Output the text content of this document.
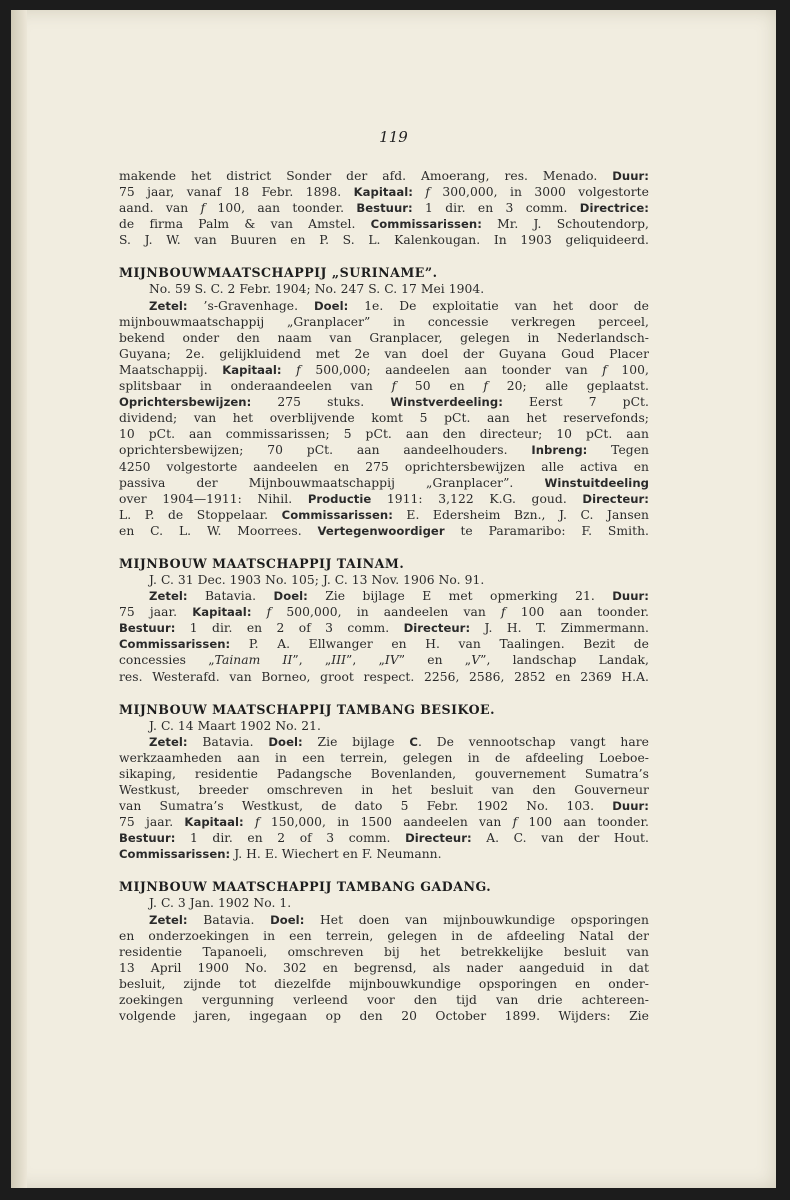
119
makende het district Sonder der afd. Amoerang, res. Menado. Duur:
75 jaar, vanaf 18 Febr. 1898. Kapitaal: f 300,000, in 3000 volgestorte
aand. van f 100, aan toonder. Bestuur: 1 dir. en 3 comm. Directrice:
de firma Palm & van Amstel. Commissarissen: Mr. J. Schoutendorp,
S. J. W. van Buuren en P. S. L. Kalenkougan. In 1903 geliquideerd.
MIJNBOUWMAATSCHAPPIJ „SURINAME”.
No. 59 S. C. 2 Febr. 1904; No. 247 S. C. 17 Mei 1904.
Zetel: ’s-Gravenhage. Doel: 1e. De exploitatie van het door de
mijnbouwmaatschappij „Granplacer” in concessie verkregen perceel,
bekend onder den naam van Granplacer, gelegen in Nederlandsch-
Guyana; 2e. gelijkluidend met 2e van doel der Guyana Goud Placer
Maatschappij. Kapitaal: f 500,000; aandeelen aan toonder van f 100,
splitsbaar in onderaandeelen van f 50 en f 20; alle geplaatst.
Oprichtersbewijzen: 275 stuks. Winstverdeeling: Eerst 7 pCt.
dividend; van het overblijvende komt 5 pCt. aan het reservefonds;
10 pCt. aan commissarissen; 5 pCt. aan den directeur; 10 pCt. aan
oprichtersbewijzen; 70 pCt. aan aandeelhouders. Inbreng: Tegen
4250 volgestorte aandeelen en 275 oprichtersbewijzen alle activa en
passiva der Mijnbouwmaatschappij „Granplacer”. Winstuitdeeling
over 1904—1911: Nihil. Productie 1911: 3,122 K.G. goud. Directeur:
L. P. de Stoppelaar. Commissarissen: E. Edersheim Bzn., J. C. Jansen
en C. L. W. Moorrees. Vertegenwoordiger te Paramaribo: F. Smith.
MIJNBOUW MAATSCHAPPIJ TAINAM.
J. C. 31 Dec. 1903 No. 105; J. C. 13 Nov. 1906 No. 91.
Zetel: Batavia. Doel: Zie bijlage E met opmerking 21. Duur:
75 jaar. Kapitaal: f 500,000, in aandeelen van f 100 aan toonder.
Bestuur: 1 dir. en 2 of 3 comm. Directeur: J. H. T. Zimmermann.
Commissarissen: P. A. Ellwanger en H. van Taalingen. Bezit de
concessies „Tainam II”, „III”, „IV” en „V”, landschap Landak,
res. Westerafd. van Borneo, groot respect. 2256, 2586, 2852 en 2369 H.A.
MIJNBOUW MAATSCHAPPIJ TAMBANG BESIKOE.
J. C. 14 Maart 1902 No. 21.
Zetel: Batavia. Doel: Zie bijlage C. De vennootschap vangt hare
werkzaamheden aan in een terrein, gelegen in de afdeeling Loeboe-
sikaping, residentie Padangsche Bovenlanden, gouvernement Sumatra’s
Westkust, breeder omschreven in het besluit van den Gouverneur
van Sumatra’s Westkust, de dato 5 Febr. 1902 No. 103. Duur:
75 jaar. Kapitaal: f 150,000, in 1500 aandeelen van f 100 aan toonder.
Bestuur: 1 dir. en 2 of 3 comm. Directeur: A. C. van der Hout.
Commissarissen: J. H. E. Wiechert en F. Neumann.
MIJNBOUW MAATSCHAPPIJ TAMBANG GADANG.
J. C. 3 Jan. 1902 No. 1.
Zetel: Batavia. Doel: Het doen van mijnbouwkundige opsporingen
en onderzoekingen in een terrein, gelegen in de afdeeling Natal der
residentie Tapanoeli, omschreven bij het betrekkelijke besluit van
13 April 1900 No. 302 en begrensd, als nader aangeduid in dat
besluit, zijnde tot diezelfde mijnbouwkundige opsporingen en onder-
zoekingen vergunning verleend voor den tijd van drie achtereen-
volgende jaren, ingegaan op den 20 October 1899. Wijders: Zie
